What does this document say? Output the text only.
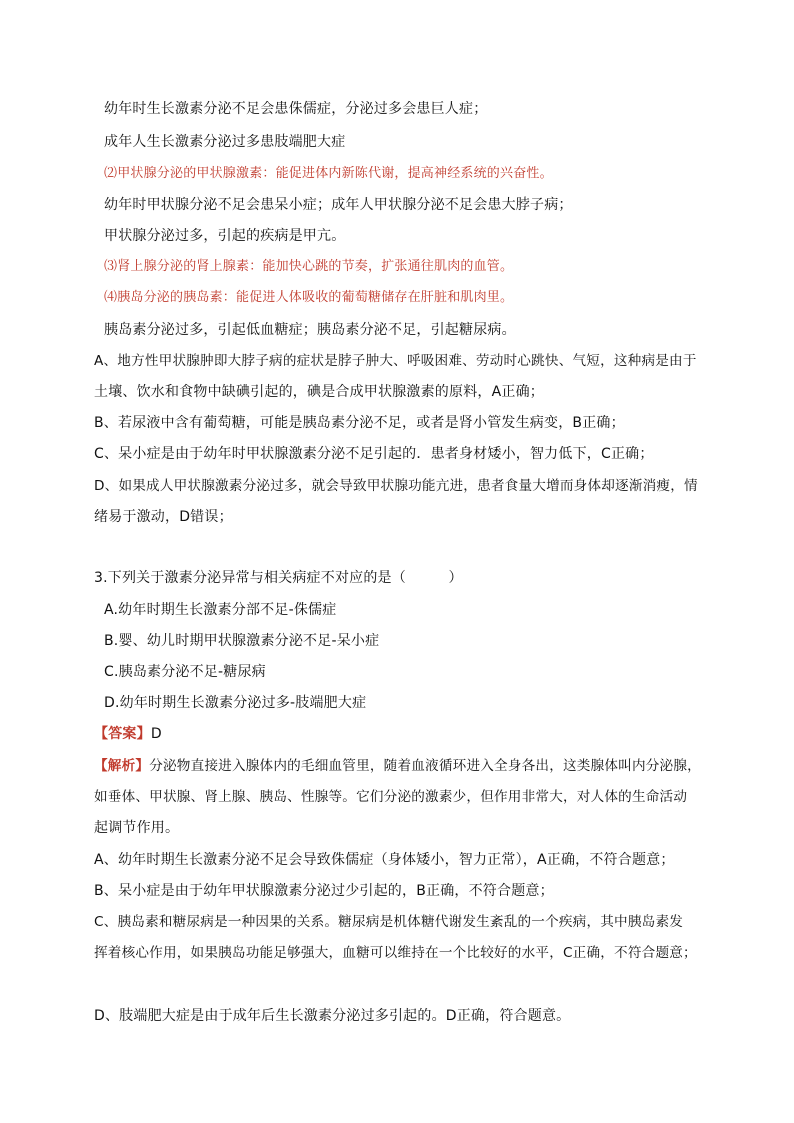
幼年时生长激素分泌不足会患侏儒症，分泌过多会患巨人症；
成年人生长激素分泌过多患肢端肥大症
⑵甲状腺分泌的甲状腺激素：能促进体内新陈代谢，提高神经系统的兴奋性。
幼年时甲状腺分泌不足会患呆小症；成年人甲状腺分泌不足会患大脖子病；
甲状腺分泌过多，引起的疾病是甲亢。
⑶肾上腺分泌的肾上腺素：能加快心跳的节奏，扩张通往肌肉的血管。
⑷胰岛分泌的胰岛素：能促进人体吸收的葡萄糖储存在肝脏和肌肉里。
胰岛素分泌过多，引起低血糖症；胰岛素分泌不足，引起糖尿病。
A、地方性甲状腺肿即大脖子病的症状是脖子肿大、呼吸困难、劳动时心跳快、气短，这种病是由于
土壤、饮水和食物中缺碘引起的，碘是合成甲状腺激素的原料，A正确；
B、若尿液中含有葡萄糖，可能是胰岛素分泌不足，或者是肾小管发生病变，B正确；
C、呆小症是由于幼年时甲状腺激素分泌不足引起的．患者身材矮小，智力低下，C正确；
D、如果成人甲状腺激素分泌过多，就会导致甲状腺功能亢进，患者食量大增而身体却逐渐消瘦，情
绪易于激动，D错误；
3.下列关于激素分泌异常与相关病症不对应的是（　　　）
A.幼年时期生长激素分部不足-侏儒症
B.婴、幼儿时期甲状腺激素分泌不足-呆小症
C.胰岛素分泌不足-糖尿病
D.幼年时期生长激素分泌过多-肢端肥大症
【答案】D
【解析】分泌物直接进入腺体内的毛细血管里，随着血液循环进入全身各出，这类腺体叫内分泌腺，
如垂体、甲状腺、肾上腺、胰岛、性腺等。它们分泌的激素少，但作用非常大，对人体的生命活动
起调节作用。
A、幼年时期生长激素分泌不足会导致侏儒症（身体矮小，智力正常），A正确，不符合题意；
B、呆小症是由于幼年甲状腺激素分泌过少引起的，B正确，不符合题意；
C、胰岛素和糖尿病是一种因果的关系。糖尿病是机体糖代谢发生紊乱的一个疾病，其中胰岛素发
挥着核心作用，如果胰岛功能足够强大，血糖可以维持在一个比较好的水平，C正确，不符合题意；
D、肢端肥大症是由于成年后生长激素分泌过多引起的。D正确，符合题意。
